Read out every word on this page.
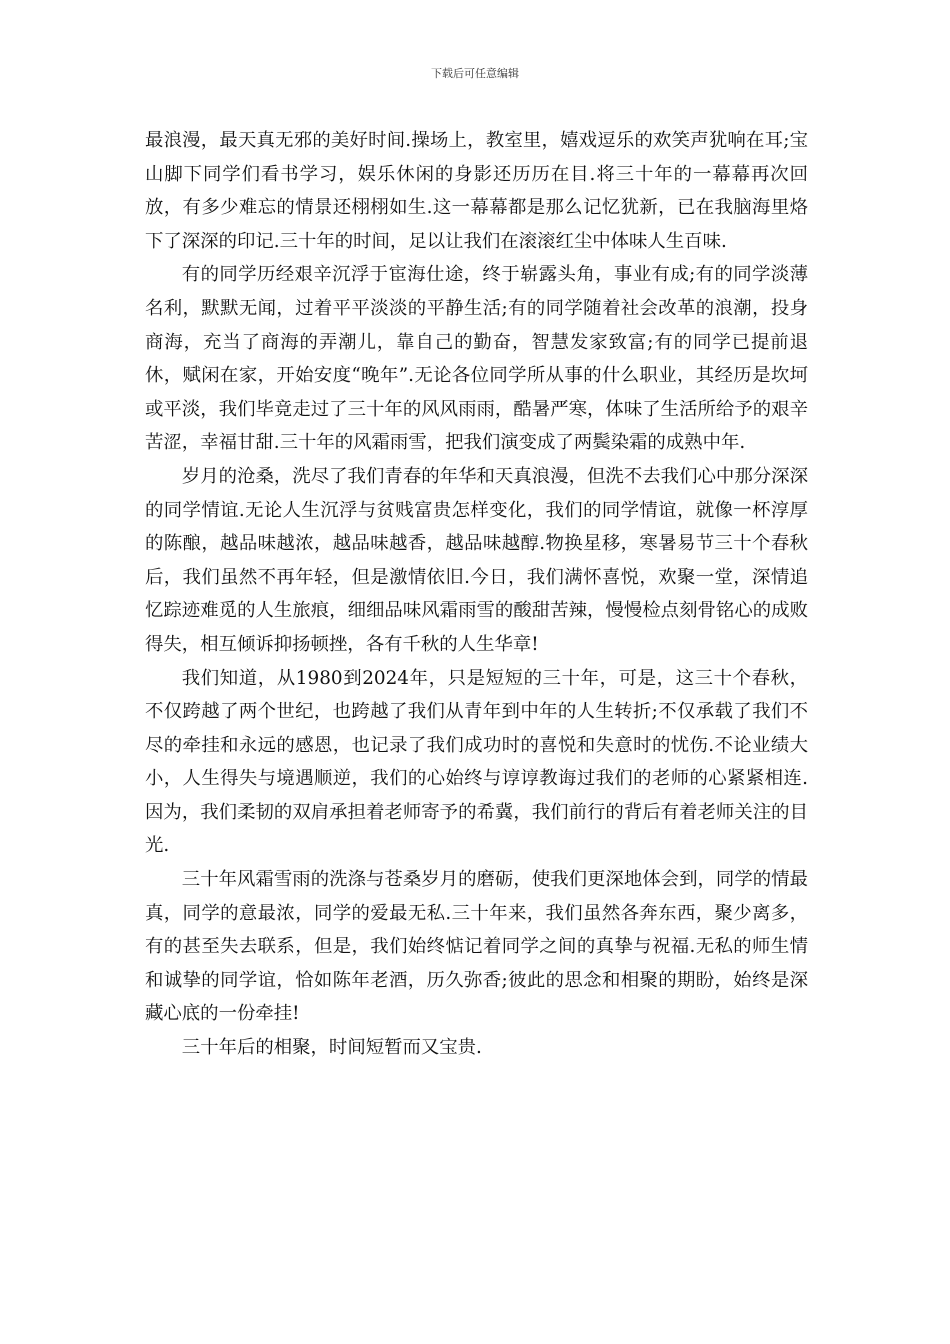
下载后可任意编辑

最浪漫，最天真无邪的美好时间.操场上，教室里，嬉戏逗乐的欢笑声犹响在耳;宝山脚下同学们看书学习，娱乐休闲的身影还历历在目.将三十年的一幕幕再次回放，有多少难忘的情景还栩栩如生.这一幕幕都是那么记忆犹新，已在我脑海里烙下了深深的印记.三十年的时间，足以让我们在滚滚红尘中体味人生百味.

有的同学历经艰辛沉浮于宦海仕途，终于崭露头角，事业有成;有的同学淡薄名利，默默无闻，过着平平淡淡的平静生活;有的同学随着社会改革的浪潮，投身商海，充当了商海的弄潮儿，靠自己的勤奋，智慧发家致富;有的同学已提前退休，赋闲在家，开始安度“晚年”.无论各位同学所从事的什么职业，其经历是坎坷或平淡，我们毕竟走过了三十年的风风雨雨，酷暑严寒，体味了生活所给予的艰辛苦涩，幸福甘甜.三十年的风霜雨雪，把我们演变成了两鬓染霜的成熟中年.

岁月的沧桑，洗尽了我们青春的年华和天真浪漫，但洗不去我们心中那分深深的同学情谊.无论人生沉浮与贫贱富贵怎样变化，我们的同学情谊，就像一杯淳厚的陈酿，越品味越浓，越品味越香，越品味越醇.物换星移，寒暑易节三十个春秋后，我们虽然不再年轻，但是激情依旧.今日，我们满怀喜悦，欢聚一堂，深情追忆踪迹难觅的人生旅痕，细细品味风霜雨雪的酸甜苦辣，慢慢检点刻骨铭心的成败得失，相互倾诉抑扬顿挫，各有千秋的人生华章!

我们知道，从1980到2024年，只是短短的三十年，可是，这三十个春秋，不仅跨越了两个世纪，也跨越了我们从青年到中年的人生转折;不仅承载了我们不尽的牵挂和永远的感恩，也记录了我们成功时的喜悦和失意时的忧伤.不论业绩大小，人生得失与境遇顺逆，我们的心始终与谆谆教诲过我们的老师的心紧紧相连.因为，我们柔韧的双肩承担着老师寄予的希冀，我们前行的背后有着老师关注的目光.

三十年风霜雪雨的洗涤与苍桑岁月的磨砺，使我们更深地体会到，同学的情最真，同学的意最浓，同学的爱最无私.三十年来，我们虽然各奔东西，聚少离多，有的甚至失去联系，但是，我们始终惦记着同学之间的真挚与祝福.无私的师生情和诚挚的同学谊，恰如陈年老酒，历久弥香;彼此的思念和相聚的期盼，始终是深藏心底的一份牵挂!

三十年后的相聚，时间短暂而又宝贵.
